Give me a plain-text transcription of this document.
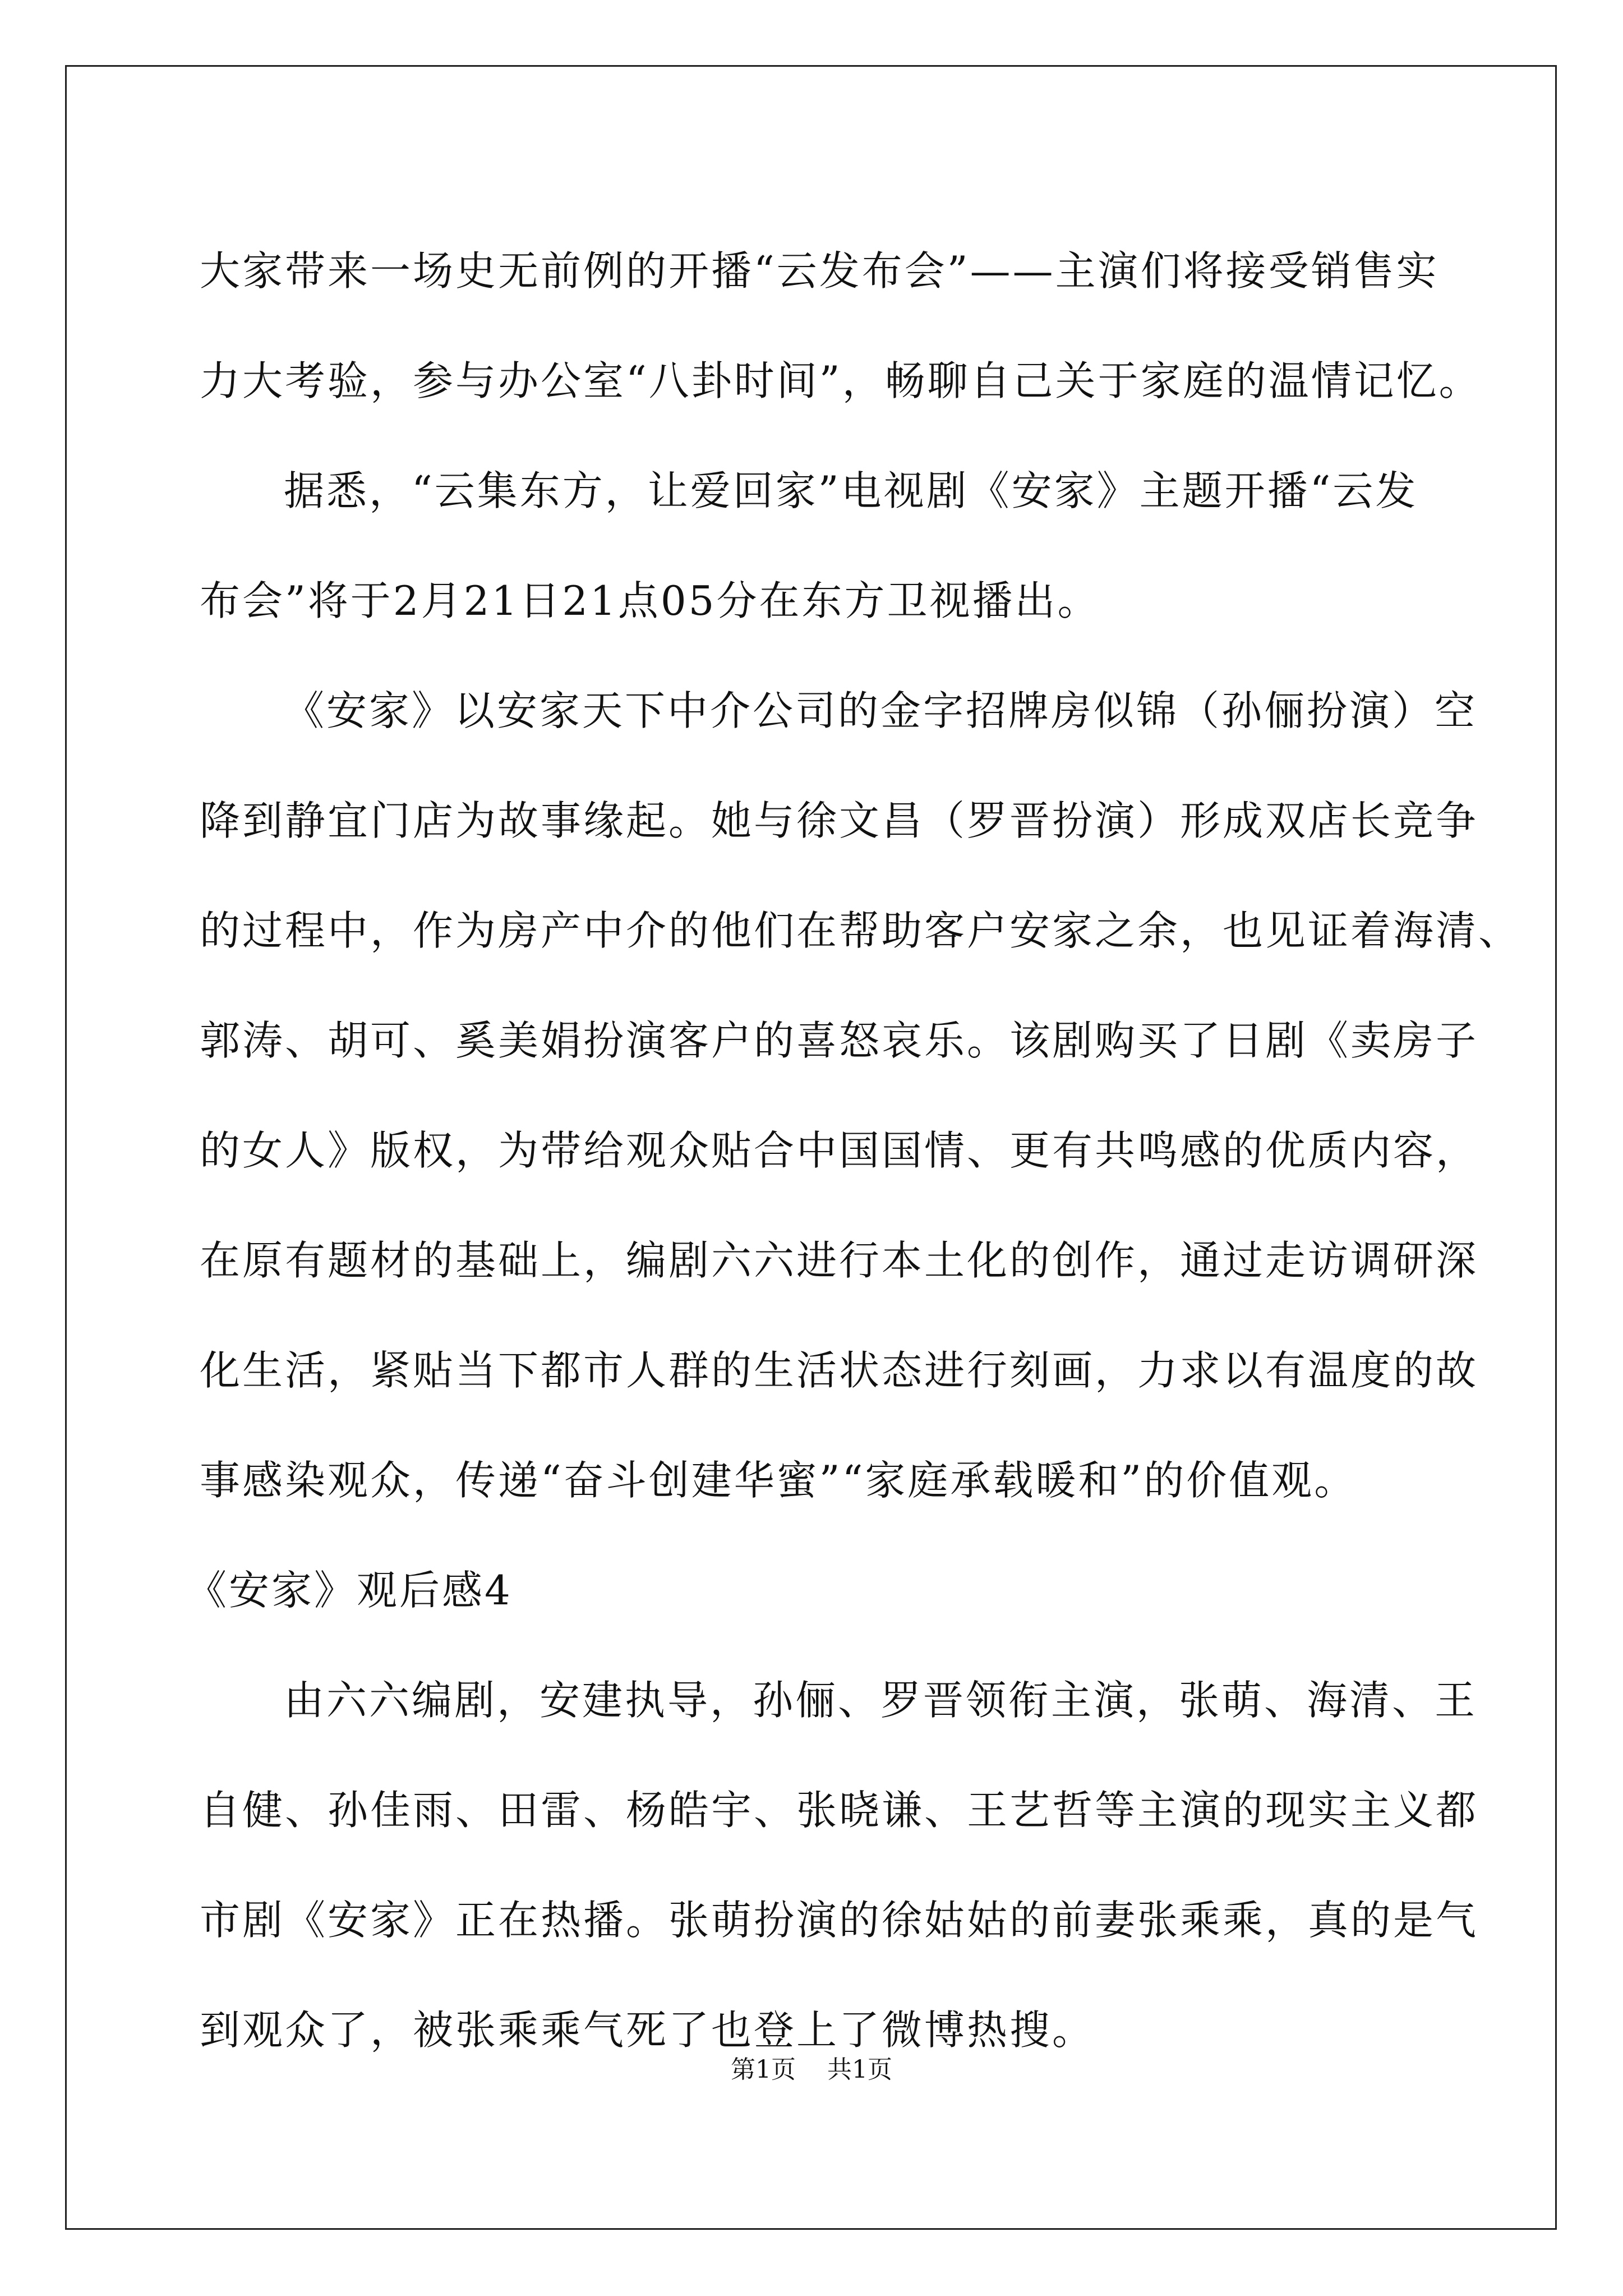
大家带来一场史无前例的开播“云发布会”——主演们将接受销售实
力大考验，参与办公室“八卦时间”，畅聊自己关于家庭的温情记忆。
据悉，“云集东方，让爱回家”电视剧《安家》主题开播“云发
布会”将于2月21日21点05分在东方卫视播出。
《安家》以安家天下中介公司的金字招牌房似锦（孙俪扮演）空
降到静宜门店为故事缘起。她与徐文昌（罗晋扮演）形成双店长竞争
的过程中，作为房产中介的他们在帮助客户安家之余，也见证着海清、
郭涛、胡可、奚美娟扮演客户的喜怒哀乐。该剧购买了日剧《卖房子
的女人》版权，为带给观众贴合中国国情、更有共鸣感的优质内容，
在原有题材的基础上，编剧六六进行本土化的创作，通过走访调研深
化生活，紧贴当下都市人群的生活状态进行刻画，力求以有温度的故
事感染观众，传递“奋斗创建华蜜”“家庭承载暖和”的价值观。
《安家》观后感4
由六六编剧，安建执导，孙俪、罗晋领衔主演，张萌、海清、王
自健、孙佳雨、田雷、杨皓宇、张晓谦、王艺哲等主演的现实主义都
市剧《安家》正在热播。张萌扮演的徐姑姑的前妻张乘乘，真的是气
到观众了，被张乘乘气死了也登上了微博热搜。
第1页    共1页
